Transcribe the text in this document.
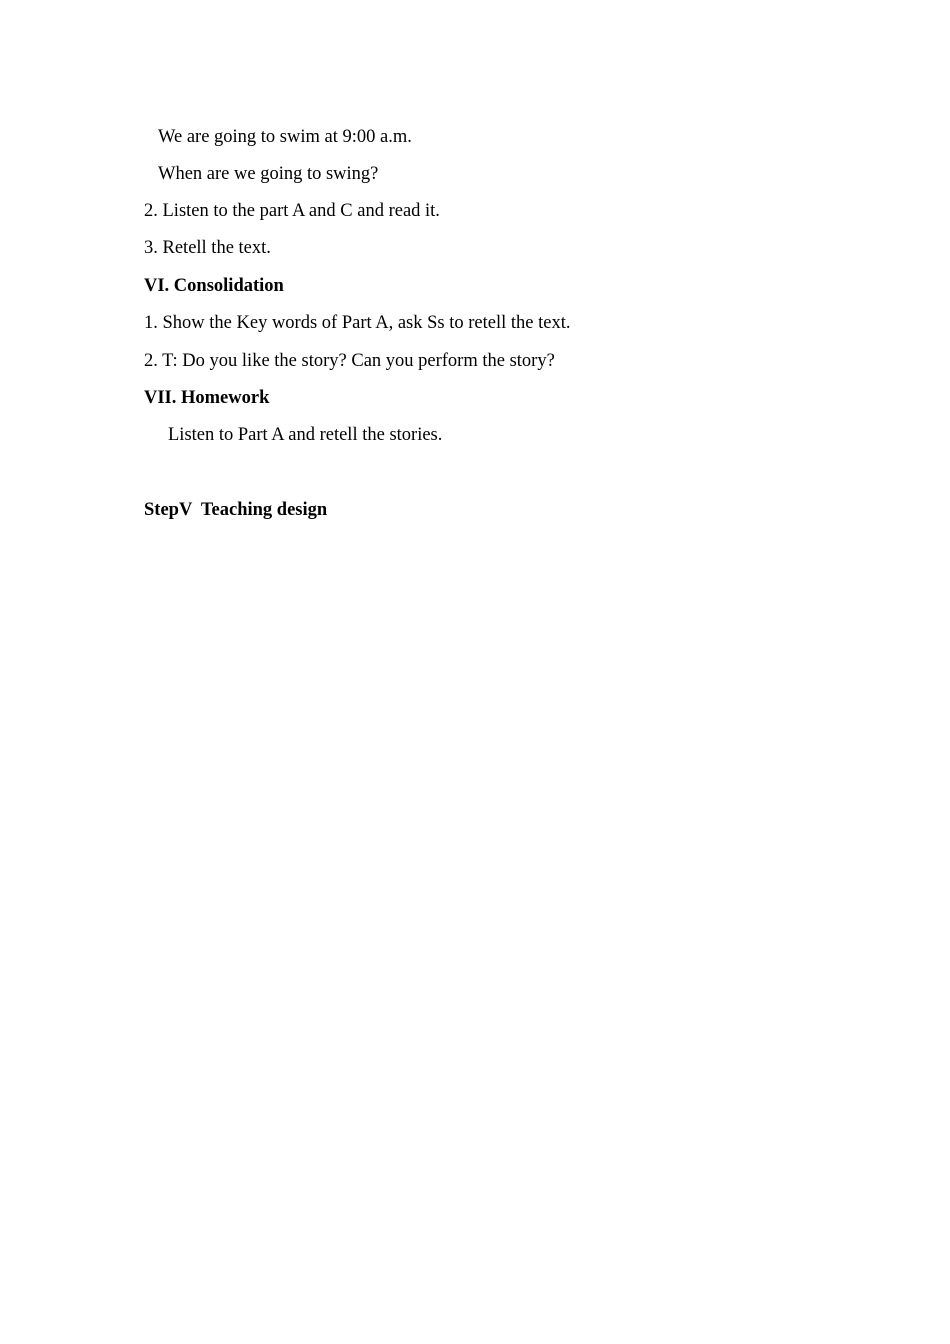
We are going to swim at 9:00 a.m.
When are we going to swing?
2. Listen to the part A and C and read it.
3. Retell the text.
VI. Consolidation
1. Show the Key words of Part A, ask Ss to retell the text.
2. T: Do you like the story? Can you perform the story?
VII. Homework
Listen to Part A and retell the stories.
StepV  Teaching design
